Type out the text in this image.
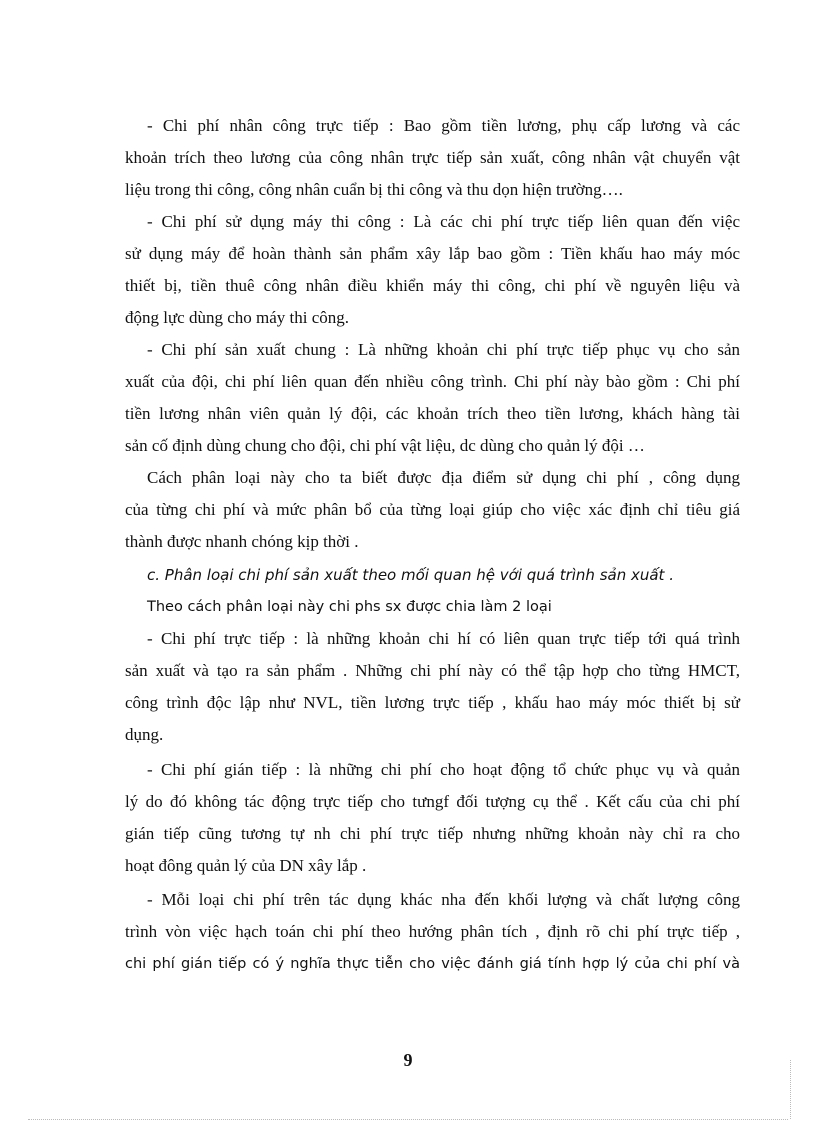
- Chi phí nhân công trực tiếp : Bao gồm tiền lương, phụ cấp lương và các
khoản trích theo lương của công nhân trực tiếp sản xuất, công nhân vật chuyển vật
liệu trong thi công, công nhân cuẩn bị thi công và thu dọn hiện trường….
- Chi phí sử dụng máy thi công : Là các chi phí trực tiếp liên quan đến việc
sử dụng máy để hoàn thành sản phẩm xây lắp bao gồm : Tiền khấu hao máy móc
thiết bị, tiền thuê công nhân điều khiển máy thi công, chi phí về nguyên liệu và
động lực dùng cho máy thi công.
- Chi phí sản xuất chung : Là những khoản chi phí trực tiếp phục vụ cho sản
xuất của đội, chi phí liên quan đến nhiều công trình. Chi phí này bào gồm : Chi phí
tiền lương nhân viên quản lý đội, các khoản trích theo tiền lương, khách hàng tài
sản cố định dùng chung cho đội, chi phí vật liệu, dc dùng cho quản lý đội …
Cách phân loại này cho ta biết được địa điểm sử dụng chi phí , công dụng
của từng chi phí và mức phân bổ của từng loại giúp cho việc xác định chỉ tiêu giá
thành được nhanh chóng kịp thời .
c. Phân loại chi phí sản xuất theo mối quan hệ với quá trình sản xuất .
Theo cách phân loại này chi phs sx được chia làm 2 loại
- Chi phí trực tiếp : là những khoản chi hí có liên quan trực tiếp tới quá trình
sản xuất và tạo ra sản phẩm . Những chi phí này có thể tập hợp cho từng HMCT,
công trình độc lập như NVL, tiền lương trực tiếp , khấu hao máy móc thiết bị sử
dụng.
- Chi phí gián tiếp : là những chi phí cho hoạt động tổ chức phục vụ và quản
lý do đó không tác động trực tiếp cho tưngf đối tượng cụ thể . Kết cấu của chi phí
gián tiếp cũng tương tự nh chi phí trực tiếp nhưng những khoản này chỉ ra cho
hoạt đông quản lý của DN xây lắp .
- Mỗi loại chi phí trên tác dụng khác nha đến khối lượng và chất lượng công
trình vòn việc hạch toán chi phí theo hướng phân tích , định rõ chi phí trực tiếp ,
chi phí gián tiếp có ý nghĩa thực tiễn cho việc đánh giá tính hợp lý của chi phí và
9
